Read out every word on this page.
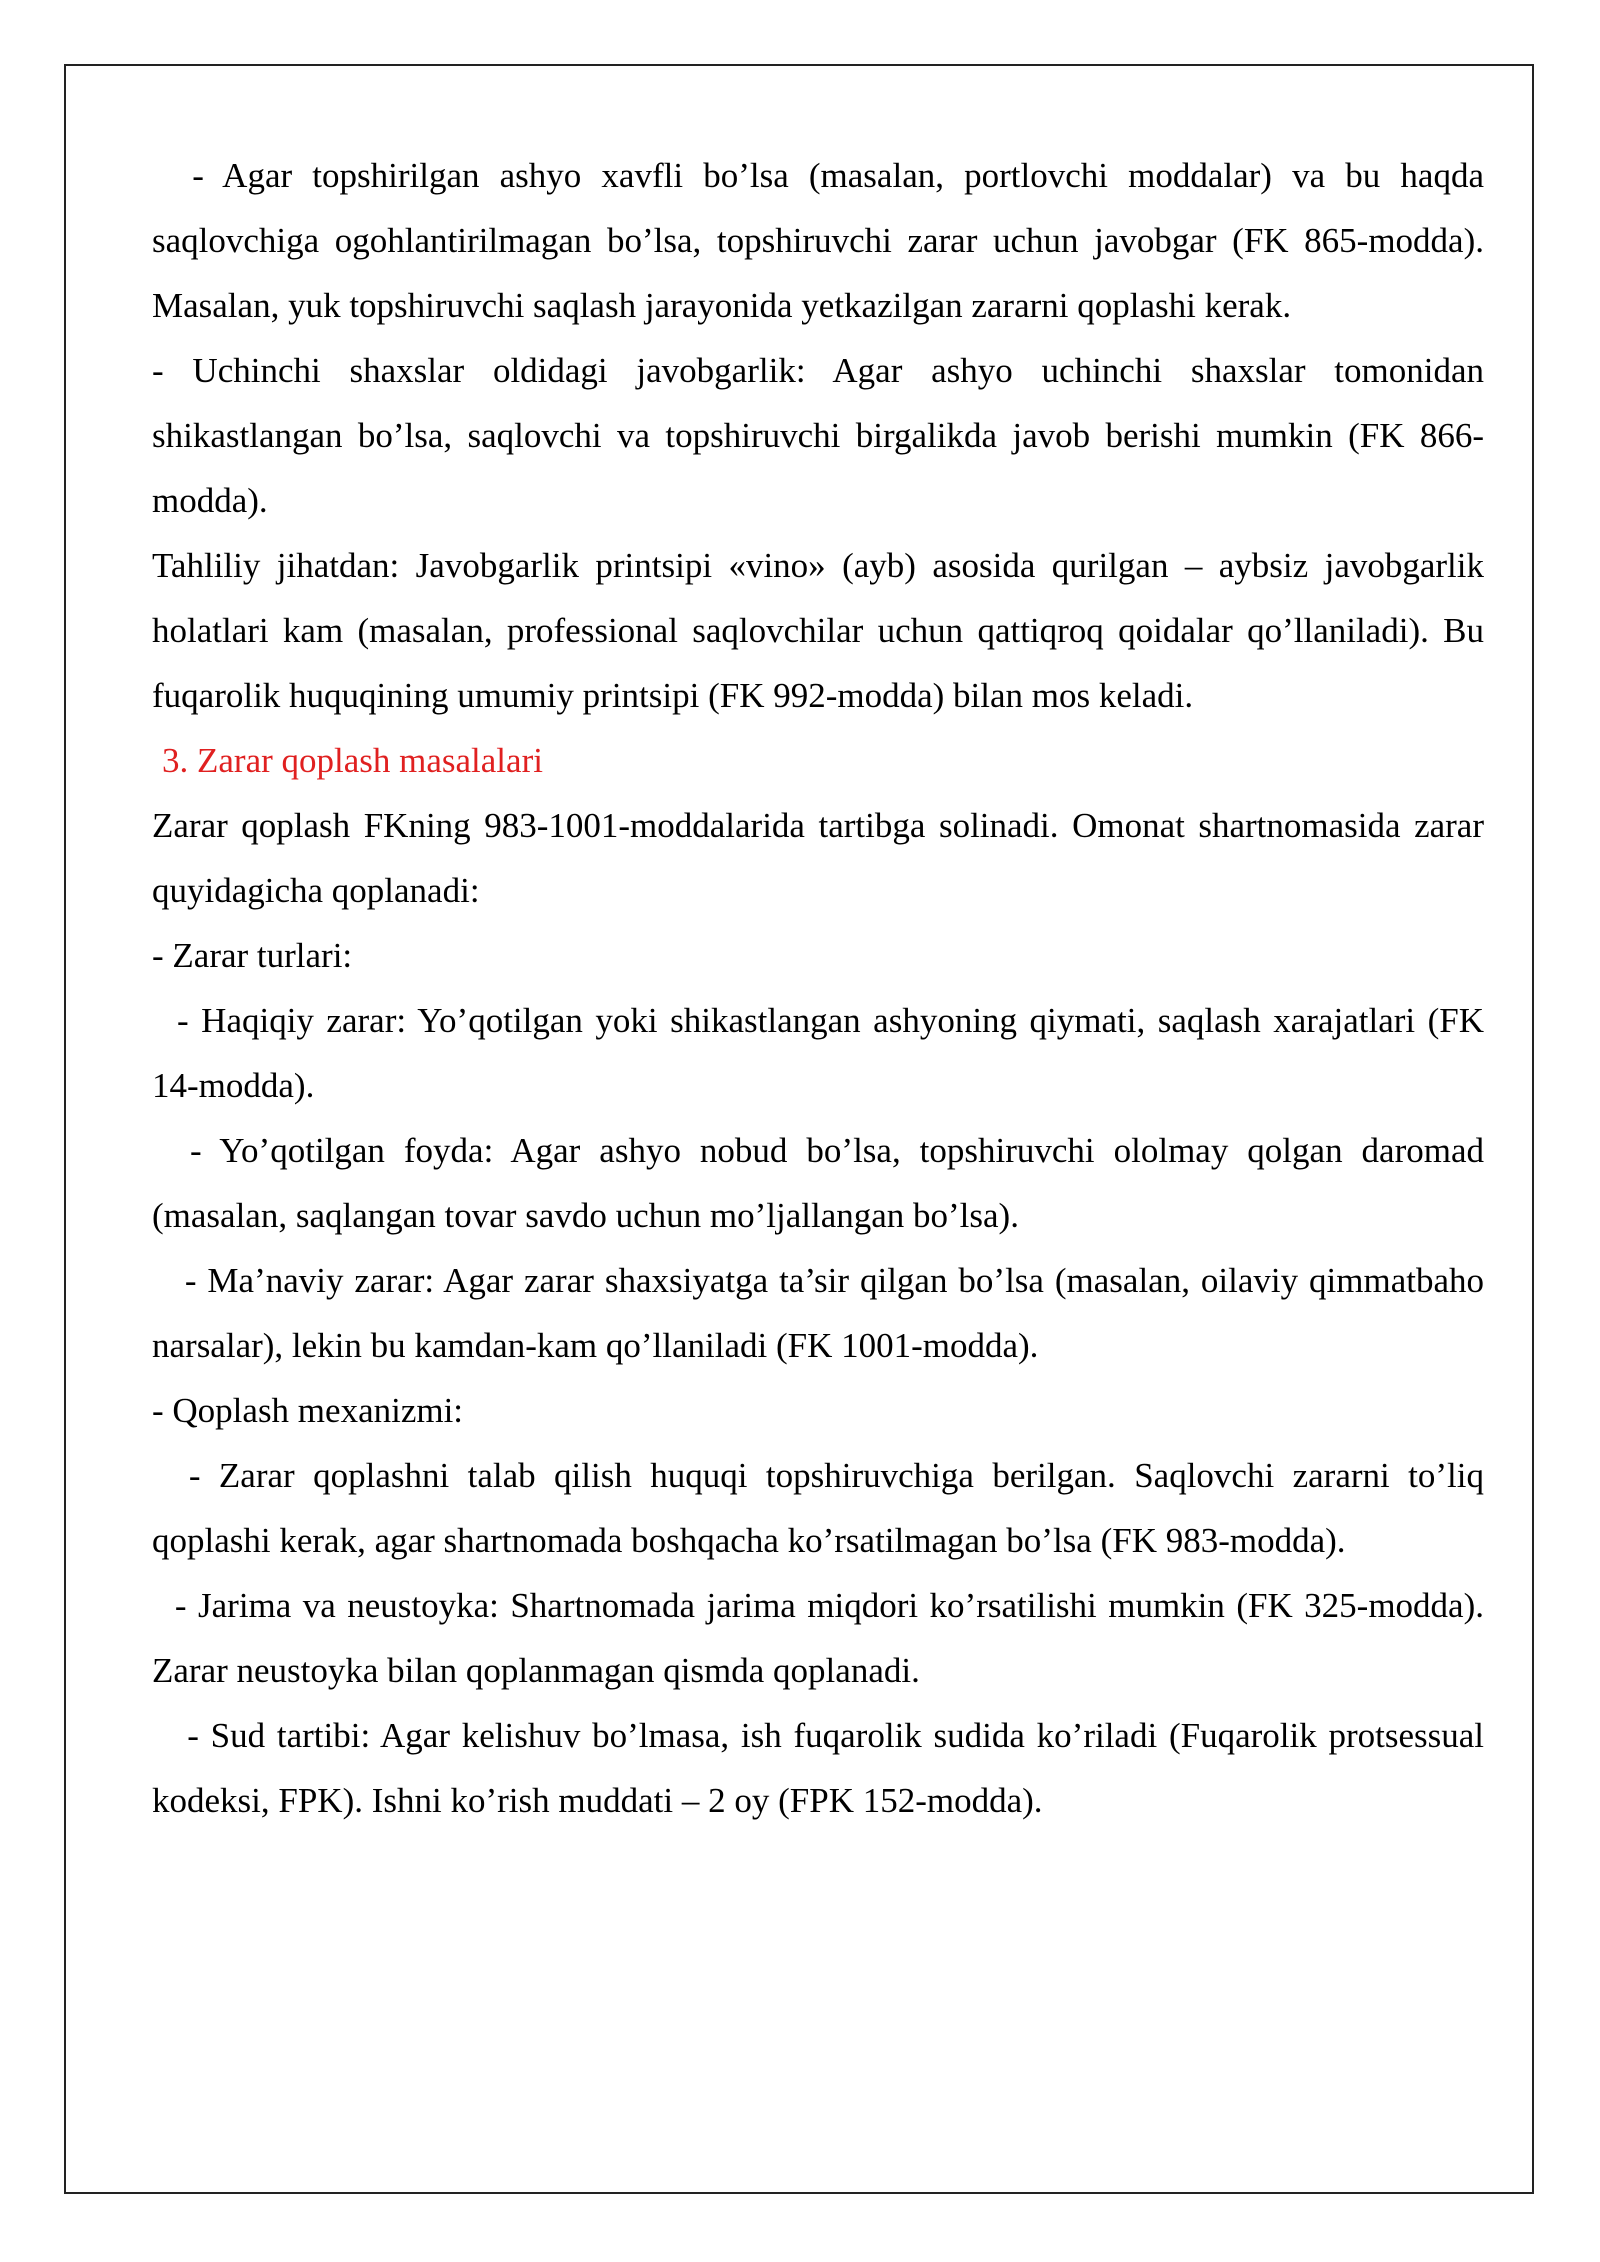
- Agar topshirilgan ashyo xavfli bo’lsa (masalan, portlovchi moddalar) va bu haqda saqlovchiga ogohlantirilmagan bo’lsa, topshiruvchi zarar uchun javobgar (FK 865-modda). Masalan, yuk topshiruvchi saqlash jarayonida yetkazilgan zararni qoplashi kerak.

- Uchinchi shaxslar oldidagi javobgarlik: Agar ashyo uchinchi shaxslar tomonidan shikastlangan bo’lsa, saqlovchi va topshiruvchi birgalikda javob berishi mumkin (FK 866-modda).

Tahliliy jihatdan: Javobgarlik printsipi «vino» (ayb) asosida qurilgan – aybsiz javobgarlik holatlari kam (masalan, professional saqlovchilar uchun qattiqroq qoidalar qo’llaniladi). Bu fuqarolik huquqining umumiy printsipi (FK 992-modda) bilan mos keladi.

3. Zarar qoplash masalalari

Zarar qoplash FKning 983-1001-moddalarida tartibga solinadi. Omonat shartnomasida zarar quyidagicha qoplanadi:

- Zarar turlari:

- Haqiqiy zarar: Yo’qotilgan yoki shikastlangan ashyoning qiymati, saqlash xarajatlari (FK 14-modda).

- Yo’qotilgan foyda: Agar ashyo nobud bo’lsa, topshiruvchi ololmay qolgan daromad (masalan, saqlangan tovar savdo uchun mo’ljallangan bo’lsa).

- Ma’naviy zarar: Agar zarar shaxsiyatga ta’sir qilgan bo’lsa (masalan, oilaviy qimmatbaho narsalar), lekin bu kamdan-kam qo’llaniladi (FK 1001-modda).

- Qoplash mexanizmi:

- Zarar qoplashni talab qilish huquqi topshiruvchiga berilgan. Saqlovchi zararni to’liq qoplashi kerak, agar shartnomada boshqacha ko’rsatilmagan bo’lsa (FK 983-modda).

- Jarima va neustoyka: Shartnomada jarima miqdori ko’rsatilishi mumkin (FK 325-modda). Zarar neustoyka bilan qoplanmagan qismda qoplanadi.

- Sud tartibi: Agar kelishuv bo’lmasa, ish fuqarolik sudida ko’riladi (Fuqarolik protsessual kodeksi, FPK). Ishni ko’rish muddati – 2 oy (FPK 152-modda).
